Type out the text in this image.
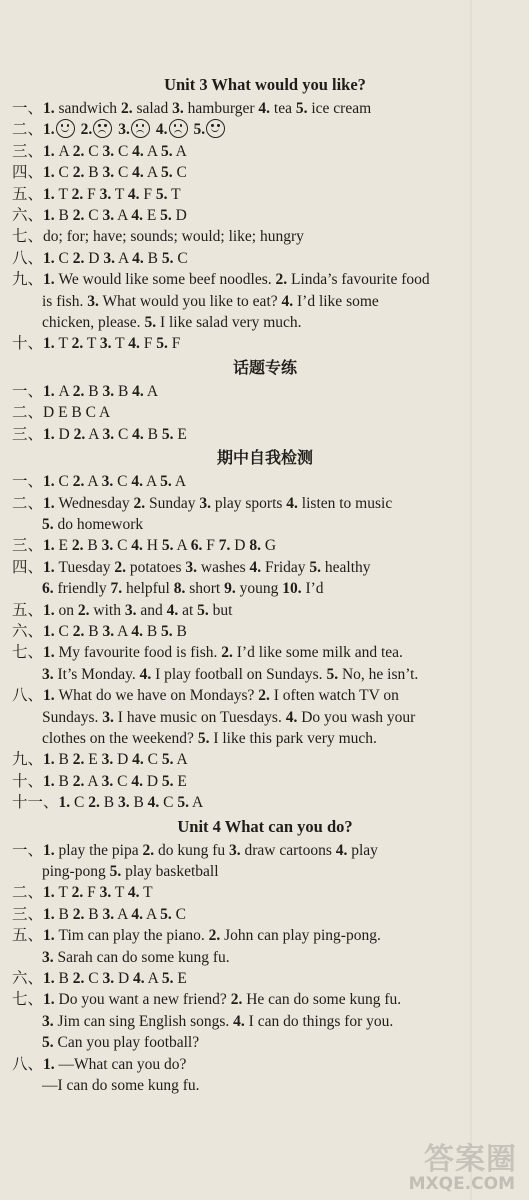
Unit 3 What would you like?
一、1. sandwich 2. salad 3. hamburger 4. tea 5. ice cream
二、1. 2. 3. 4. 5.
三、1. A 2. C 3. C 4. A 5. A
四、1. C 2. B 3. C 4. A 5. C
五、1. T 2. F 3. T 4. F 5. T
六、1. B 2. C 3. A 4. E 5. D
七、do; for; have; sounds; would; like; hungry
八、1. C 2. D 3. A 4. B 5. C
九、1. We would like some beef noodles. 2. Linda’s favourite food
is fish. 3. What would you like to eat? 4. I’d like some
chicken, please. 5. I like salad very much.
十、1. T 2. T 3. T 4. F 5. F
话题专练
一、1. A 2. B 3. B 4. A
二、D E B C A
三、1. D 2. A 3. C 4. B 5. E
期中自我检测
一、1. C 2. A 3. C 4. A 5. A
二、1. Wednesday 2. Sunday 3. play sports 4. listen to music
5. do homework
三、1. E 2. B 3. C 4. H 5. A 6. F 7. D 8. G
四、1. Tuesday 2. potatoes 3. washes 4. Friday 5. healthy
6. friendly 7. helpful 8. short 9. young 10. I’d
五、1. on 2. with 3. and 4. at 5. but
六、1. C 2. B 3. A 4. B 5. B
七、1. My favourite food is fish. 2. I’d like some milk and tea.
3. It’s Monday. 4. I play football on Sundays. 5. No, he isn’t.
八、1. What do we have on Mondays? 2. I often watch TV on
Sundays. 3. I have music on Tuesdays. 4. Do you wash your
clothes on the weekend? 5. I like this park very much.
九、1. B 2. E 3. D 4. C 5. A
十、1. B 2. A 3. C 4. D 5. E
十一、1. C 2. B 3. B 4. C 5. A
Unit 4 What can you do?
一、1. play the pipa 2. do kung fu 3. draw cartoons 4. play
ping-pong 5. play basketball
二、1. T 2. F 3. T 4. T
三、1. B 2. B 3. A 4. A 5. C
五、1. Tim can play the piano. 2. John can play ping-pong.
3. Sarah can do some kung fu.
六、1. B 2. C 3. D 4. A 5. E
七、1. Do you want a new friend? 2. He can do some kung fu.
3. Jim can sing English songs. 4. I can do things for you.
5. Can you play football?
八、1. —What can you do?
—I can do some kung fu.
答案圈
MXQE.COM
